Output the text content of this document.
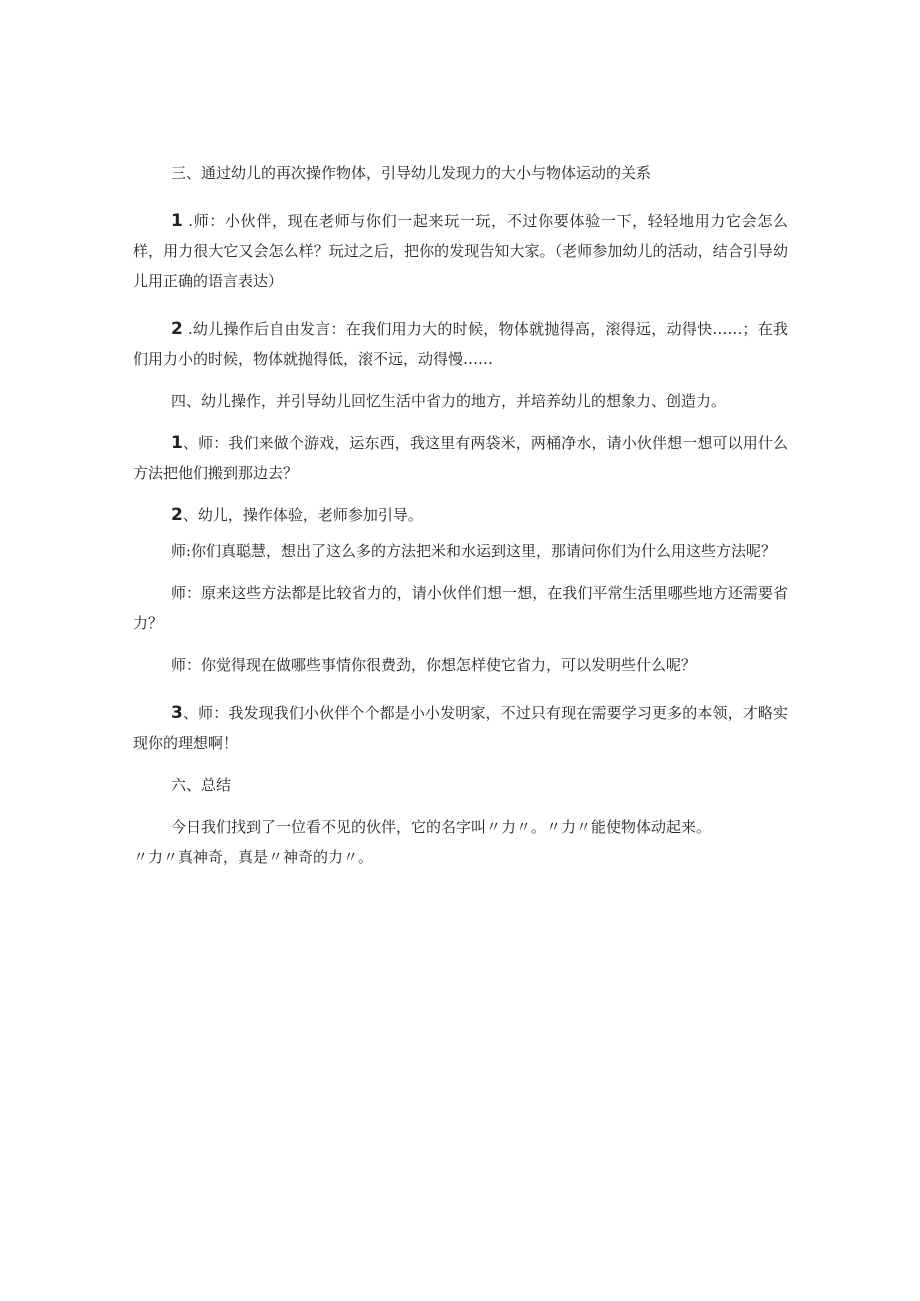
三、通过幼儿的再次操作物体，引导幼儿发现力的大小与物体运动的关系

1 .师：小伙伴，现在老师与你们一起来玩一玩，不过你要体验一下，轻轻地用力它会怎么样，用力很大它又会怎么样？玩过之后，把你的发现告知大家。（老师参加幼儿的活动，结合引导幼儿用正确的语言表达）

2 .幼儿操作后自由发言：在我们用力大的时候，物体就抛得高，滚得远，动得快……；在我们用力小的时候，物体就抛得低，滚不远，动得慢……

四、幼儿操作，并引导幼儿回忆生活中省力的地方，并培养幼儿的想象力、创造力。

1、师：我们来做个游戏，运东西，我这里有两袋米，两桶净水，请小伙伴想一想可以用什么方法把他们搬到那边去？

2、幼儿，操作体验，老师参加引导。

师:你们真聪慧，想出了这么多的方法把米和水运到这里，那请问你们为什么用这些方法呢？

师：原来这些方法都是比较省力的，请小伙伴们想一想，在我们平常生活里哪些地方还需要省力？

师：你觉得现在做哪些事情你很费劲，你想怎样使它省力，可以发明些什么呢？

3、师：我发现我们小伙伴个个都是小小发明家，不过只有现在需要学习更多的本领，才略实现你的理想啊！

六、总结

今日我们找到了一位看不见的伙伴，它的名字叫〃力〃。〃力〃能使物体动起来。

〃力〃真神奇，真是〃神奇的力〃。
